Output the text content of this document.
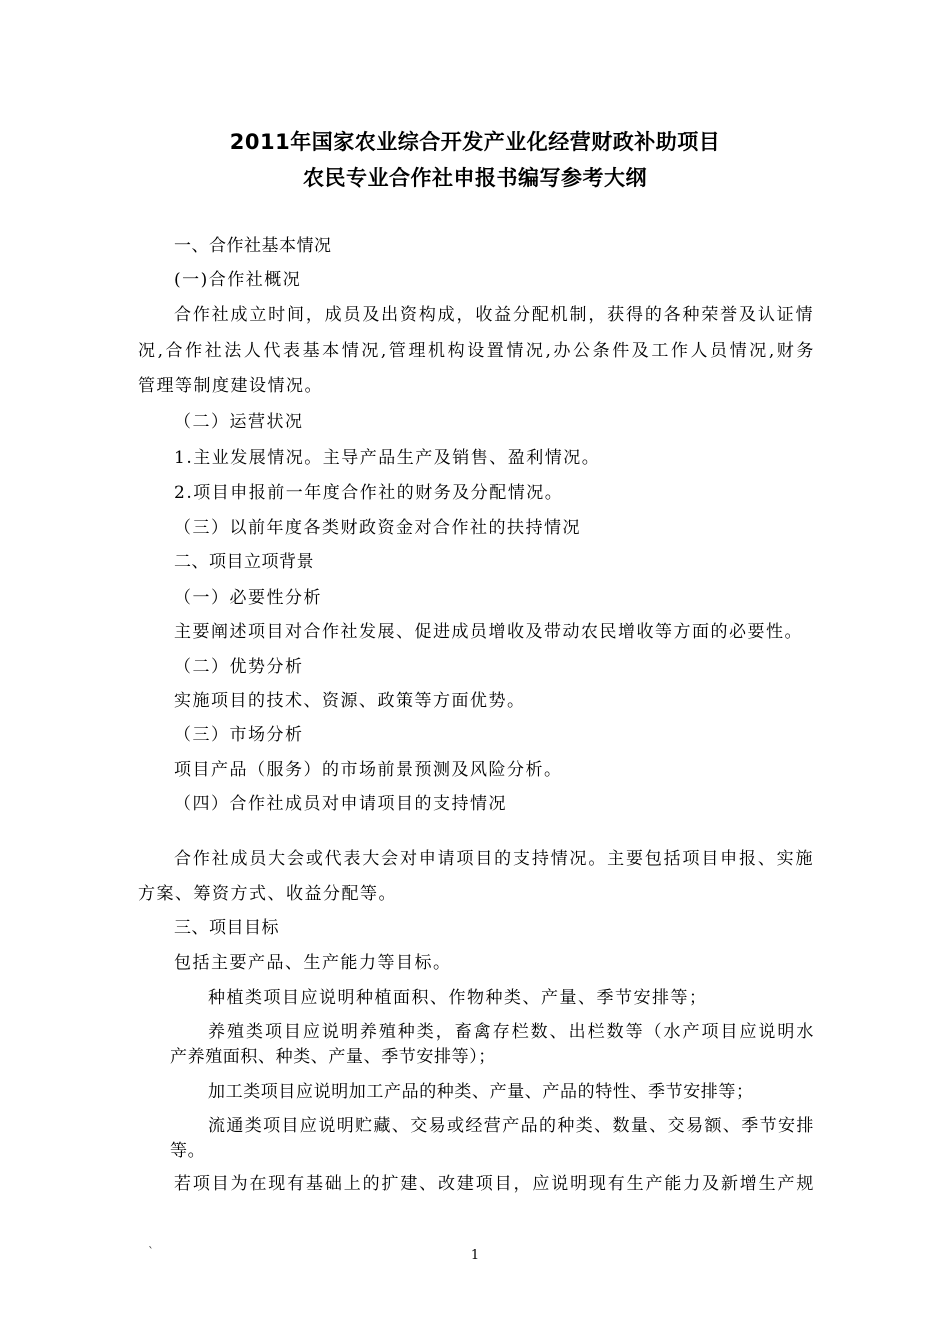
2011年国家农业综合开发产业化经营财政补助项目
农民专业合作社申报书编写参考大纲
一、合作社基本情况
(一)合作社概况
合作社成立时间，成员及出资构成，收益分配机制，获得的各种荣誉及认证情
况,合作社法人代表基本情况,管理机构设置情况,办公条件及工作人员情况,财务
管理等制度建设情况。
（二）运营状况
1.主业发展情况。主导产品生产及销售、盈利情况。
2.项目申报前一年度合作社的财务及分配情况。
（三）以前年度各类财政资金对合作社的扶持情况
二、项目立项背景
（一）必要性分析
主要阐述项目对合作社发展、促进成员增收及带动农民增收等方面的必要性。
（二）优势分析
实施项目的技术、资源、政策等方面优势。
（三）市场分析
项目产品（服务）的市场前景预测及风险分析。
（四）合作社成员对申请项目的支持情况
合作社成员大会或代表大会对申请项目的支持情况。主要包括项目申报、实施
方案、筹资方式、收益分配等。
三、项目目标
包括主要产品、生产能力等目标。
种植类项目应说明种植面积、作物种类、产量、季节安排等；
养殖类项目应说明养殖种类，畜禽存栏数、出栏数等（水产项目应说明水
产养殖面积、种类、产量、季节安排等）；
加工类项目应说明加工产品的种类、产量、产品的特性、季节安排等；
流通类项目应说明贮藏、交易或经营产品的种类、数量、交易额、季节安排
等。
若项目为在现有基础上的扩建、改建项目，应说明现有生产能力及新增生产规
`	1
